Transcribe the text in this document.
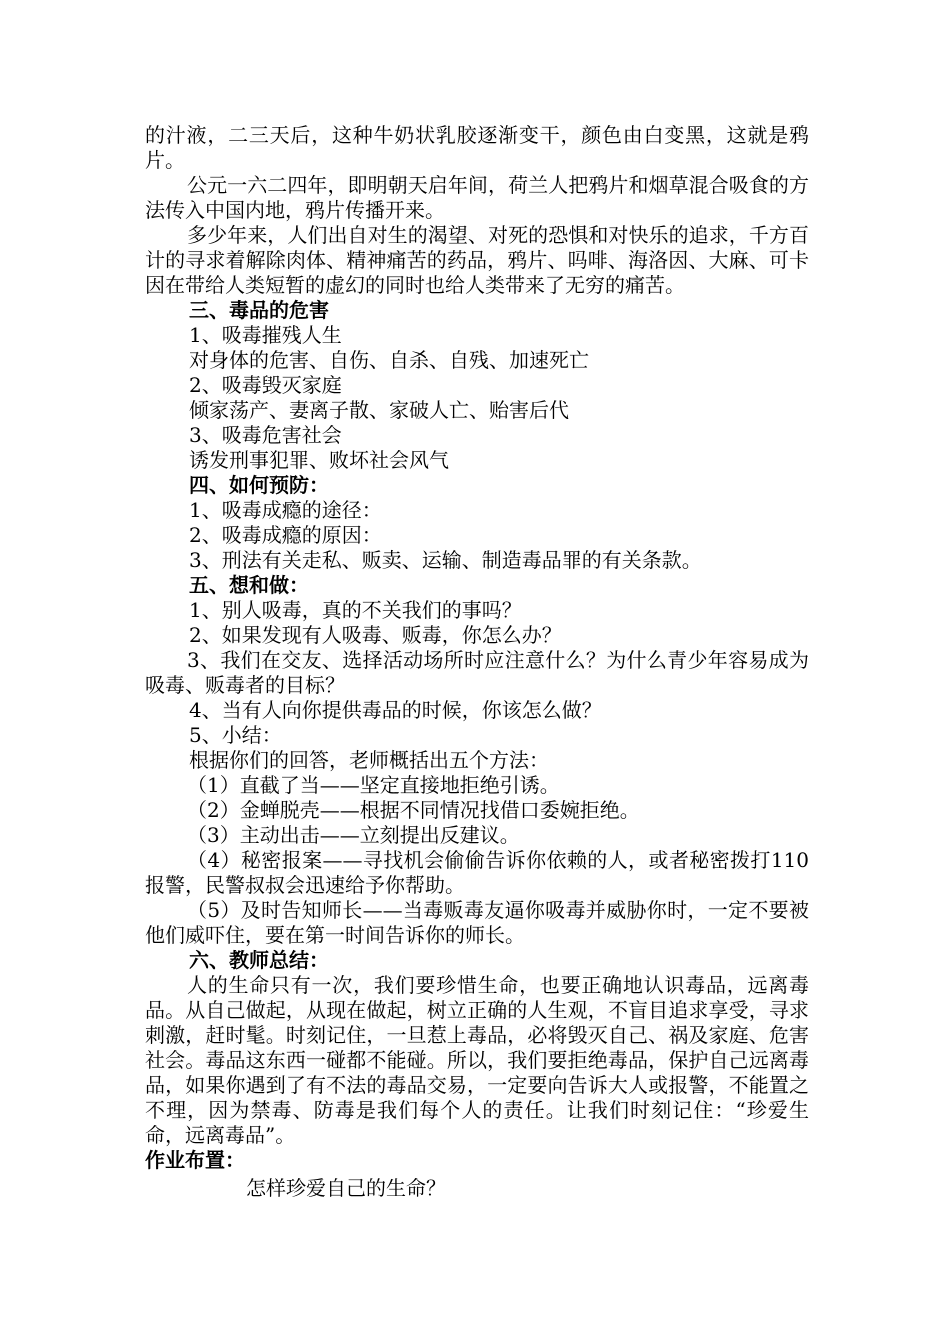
的汁液，二三天后，这种牛奶状乳胶逐渐变干，颜色由白变黑，这就是鸦片。

公元一六二四年，即明朝天启年间，荷兰人把鸦片和烟草混合吸食的方法传入中国内地，鸦片传播开来。

多少年来，人们出自对生的渴望、对死的恐惧和对快乐的追求，千方百计的寻求着解除肉体、精神痛苦的药品，鸦片、吗啡、海洛因、大麻、可卡因在带给人类短暂的虚幻的同时也给人类带来了无穷的痛苦。

三、毒品的危害

1、吸毒摧残人生

对身体的危害、自伤、自杀、自残、加速死亡

2、吸毒毁灭家庭

倾家荡产、妻离子散、家破人亡、贻害后代

3、吸毒危害社会

诱发刑事犯罪、败坏社会风气

四、如何预防：

1、吸毒成瘾的途径：

2、吸毒成瘾的原因：

3、刑法有关走私、贩卖、运输、制造毒品罪的有关条款。

五、想和做：

1、别人吸毒，真的不关我们的事吗？

2、如果发现有人吸毒、贩毒，你怎么办？

3、我们在交友、选择活动场所时应注意什么？为什么青少年容易成为吸毒、贩毒者的目标？

4、当有人向你提供毒品的时候，你该怎么做？

5、小结：

根据你们的回答，老师概括出五个方法：

（1）直截了当——坚定直接地拒绝引诱。

（2）金蝉脱壳——根据不同情况找借口委婉拒绝。

（3）主动出击——立刻提出反建议。

（4）秘密报案——寻找机会偷偷告诉你依赖的人，或者秘密拨打110报警，民警叔叔会迅速给予你帮助。

（5）及时告知师长——当毒贩毒友逼你吸毒并威胁你时，一定不要被他们威吓住，要在第一时间告诉你的师长。

六、教师总结：

人的生命只有一次，我们要珍惜生命，也要正确地认识毒品，远离毒品。从自己做起，从现在做起，树立正确的人生观，不盲目追求享受，寻求刺激，赶时髦。时刻记住，一旦惹上毒品，必将毁灭自己、祸及家庭、危害社会。毒品这东西一碰都不能碰。所以，我们要拒绝毒品，保护自己远离毒品，如果你遇到了有不法的毒品交易，一定要向告诉大人或报警，不能置之不理，因为禁毒、防毒是我们每个人的责任。让我们时刻记住：“珍爱生命，远离毒品”。

作业布置：

怎样珍爱自己的生命？
